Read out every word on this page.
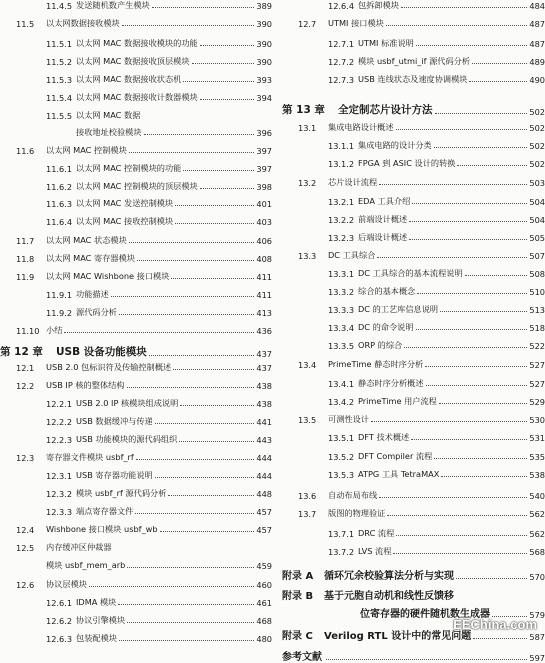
11.4.5 发送随机数产生模块	389
11.5	以太网数据接收模块	390
11.5.1 以太网 MAC 数据接收模块的功能	390
11.5.2 以太网 MAC 数据接收顶层模块	390
11.5.3 以太网 MAC 数据接收状态机	393
11.5.4 以太网 MAC 数据接收计数器模块	394
11.5.5 以太网 MAC 数据
接收地址校验模块	396
11.6	以太网 MAC 控制模块	397
11.6.1 以太网 MAC 控制模块的功能	397
11.6.2 以太网 MAC 控制模块的顶层模块	398
11.6.3 以太网 MAC 发送控制模块	401
11.6.4 以太网 MAC 接收控制模块	403
11.7	以太网 MAC 状态模块	406
11.8	以太网 MAC 寄存器模块	408
11.9	以太网 MAC Wishbone 接口模块	411
11.9.1 功能描述	411
11.9.2 源代码分析	413
11.10 小结	436
第 12 章	USB 设备功能模块	437
12.1	USB 2.0 包标识符及传输控制概述	437
12.2	USB IP 核的整体结构	438
12.2.1 USB 2.0 IP 核模块组成说明	438
12.2.2 USB 数据缓冲与传递	441
12.2.3 USB 功能模块的源代码组织	443
12.3	寄存器文件模块 usbf_rf	444
12.3.1 USB 寄存器功能说明	444
12.3.2 模块 usbf_rf 源代码分析	448
12.3.3 端点寄存器文件	457
12.4	Wishbone 接口模块 usbf_wb	457
12.5	内存缓冲区仲裁器
模块 usbf_mem_arb	459
12.6	协议层模块	460
12.6.1 IDMA 模块	461
12.6.2 协议引擎模块	468
12.6.3 包装配模块	480
12.6.4 包拆卸模块	484
12.7	UTMI 接口模块	487
12.7.1 UTMI 标准说明	487
12.7.2 模块 usbf_utmi_if 源代码分析	489
12.7.3 USB 连线状态及速度协调模块	490
第 13 章	全定制芯片设计方法	502
13.1	集成电路设计概述	502
13.1.1 集成电路的设计分类	502
13.1.2 FPGA 到 ASIC 设计的转换	502
13.2	芯片设计流程	503
13.2.1 EDA 工具介绍	504
13.2.2 前端设计概述	504
13.2.3 后端设计概述	505
13.3	DC 工具综合	507
13.3.1 DC 工具综合的基本流程说明	508
13.3.2 综合的基本概念	510
13.3.3 DC 的工艺库信息说明	513
13.3.4 DC 的命令说明	518
13.3.5 ORP 的综合	522
13.4	PrimeTime 静态时序分析	527
13.4.1 静态时序分析概述	527
13.4.2 PrimeTime 用户流程	529
13.5	可测性设计	530
13.5.1 DFT 技术概述	531
13.5.2 DFT Compiler 流程	535
13.5.3 ATPG 工具 TetraMAX	538
13.6	自动布局布线	540
13.7	版图的物理验证	562
13.7.1 DRC 流程	562
13.7.2 LVS 流程	568
附录 A	循环冗余校验算法分析与实现	570
附录 B	基于元胞自动机和线性反馈移
位寄存器的硬件随机数生成器	579
附录 C	Verilog RTL 设计中的常见问题	587
参考文献	597
EEChina.com
